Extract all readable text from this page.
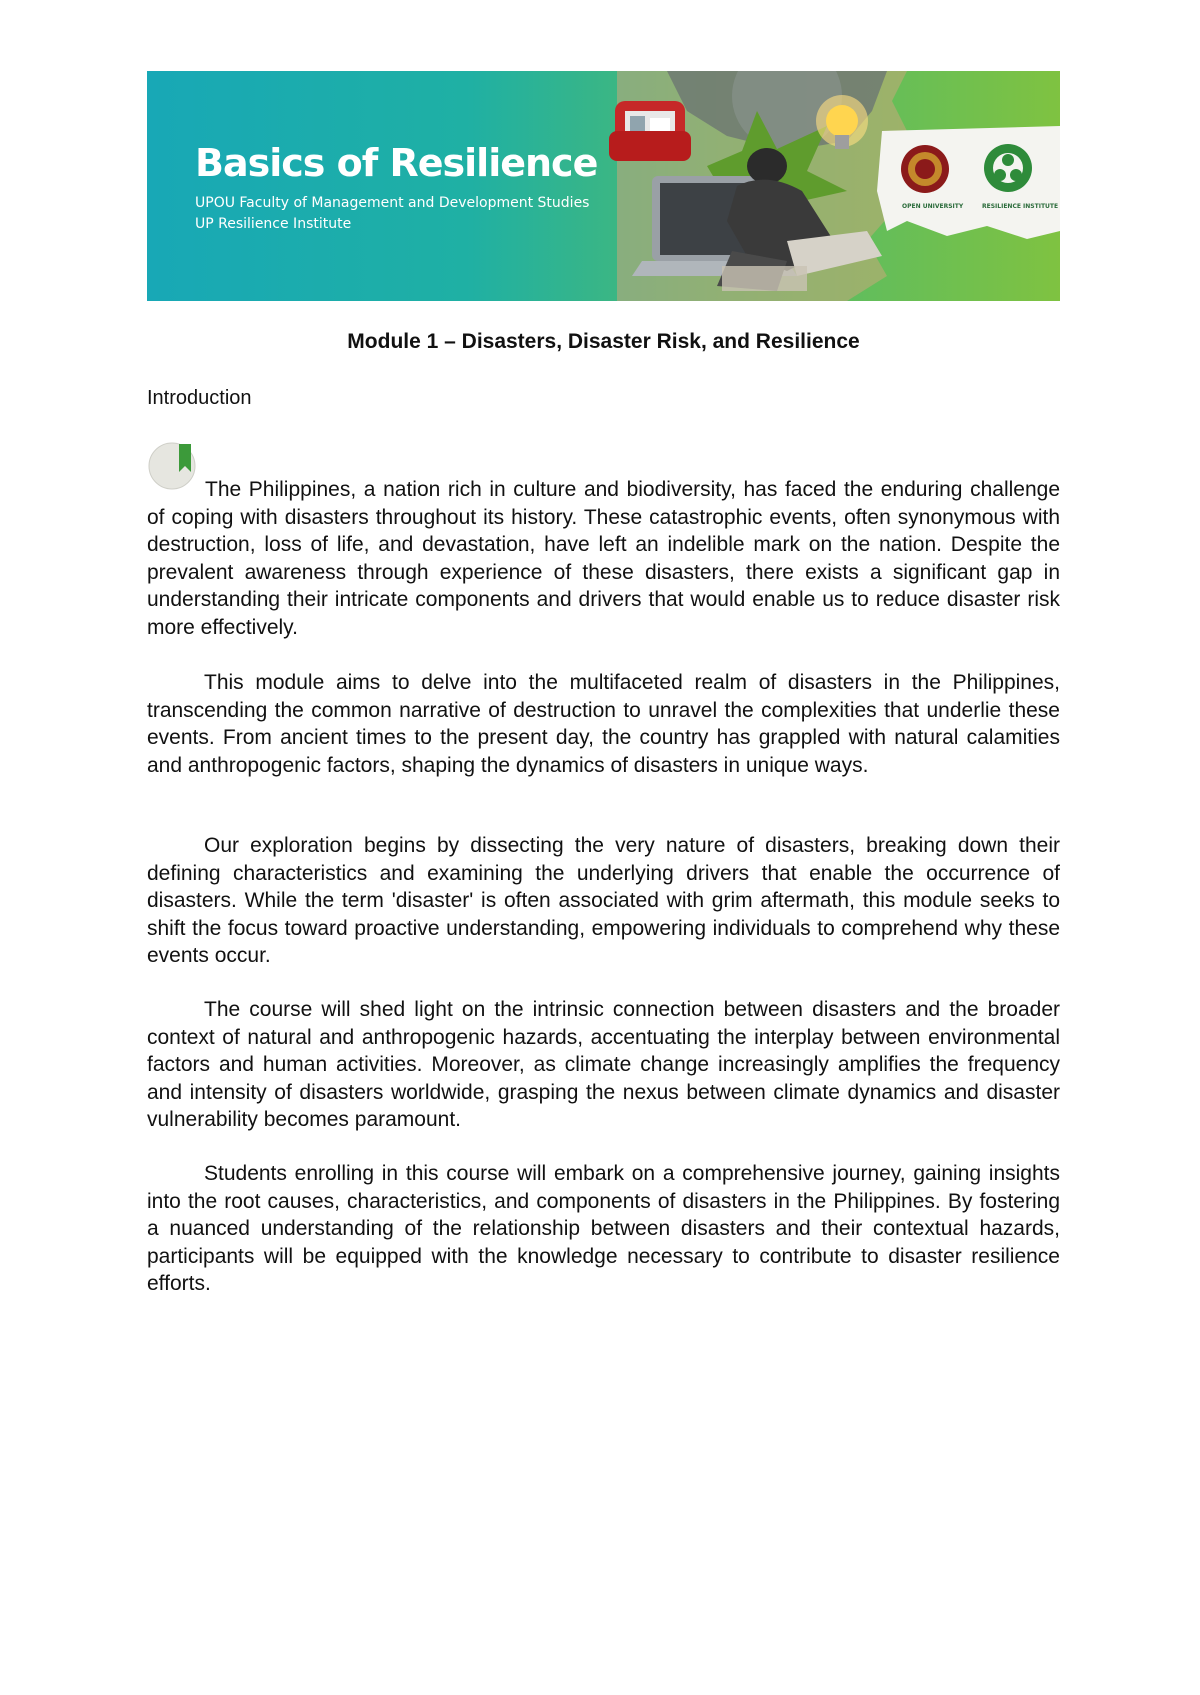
OPEN UNIVERSITY	RESILIENCE INSTITUTE
Basics of Resilience

UPOU Faculty of Management and Development Studies

UP Resilience Institute

Module 1 – Disasters, Disaster Risk, and Resilience

Introduction

The Philippines, a nation rich in culture and biodiversity, has faced the enduring challenge of coping with disasters throughout its history. These catastrophic events, often synonymous with destruction, loss of life, and devastation, have left an indelible mark on the nation. Despite the prevalent awareness through experience of these disasters, there exists a significant gap in understanding their intricate components and drivers that would enable us to reduce disaster risk more effectively.

This module aims to delve into the multifaceted realm of disasters in the Philippines, transcending the common narrative of destruction to unravel the complexities that underlie these events. From ancient times to the present day, the country has grappled with natural calamities and anthropogenic factors, shaping the dynamics of disasters in unique ways.

Our exploration begins by dissecting the very nature of disasters, breaking down their defining characteristics and examining the underlying drivers that enable the occurrence of disasters. While the term 'disaster' is often associated with grim aftermath, this module seeks to shift the focus toward proactive understanding, empowering individuals to comprehend why these events occur.

The course will shed light on the intrinsic connection between disasters and the broader context of natural and anthropogenic hazards, accentuating the interplay between environmental factors and human activities. Moreover, as climate change increasingly amplifies the frequency and intensity of disasters worldwide, grasping the nexus between climate dynamics and disaster vulnerability becomes paramount.

Students enrolling in this course will embark on a comprehensive journey, gaining insights into the root causes, characteristics, and components of disasters in the Philippines. By fostering a nuanced understanding of the relationship between disasters and their contextual hazards, participants will be equipped with the knowledge necessary to contribute to disaster resilience efforts.
